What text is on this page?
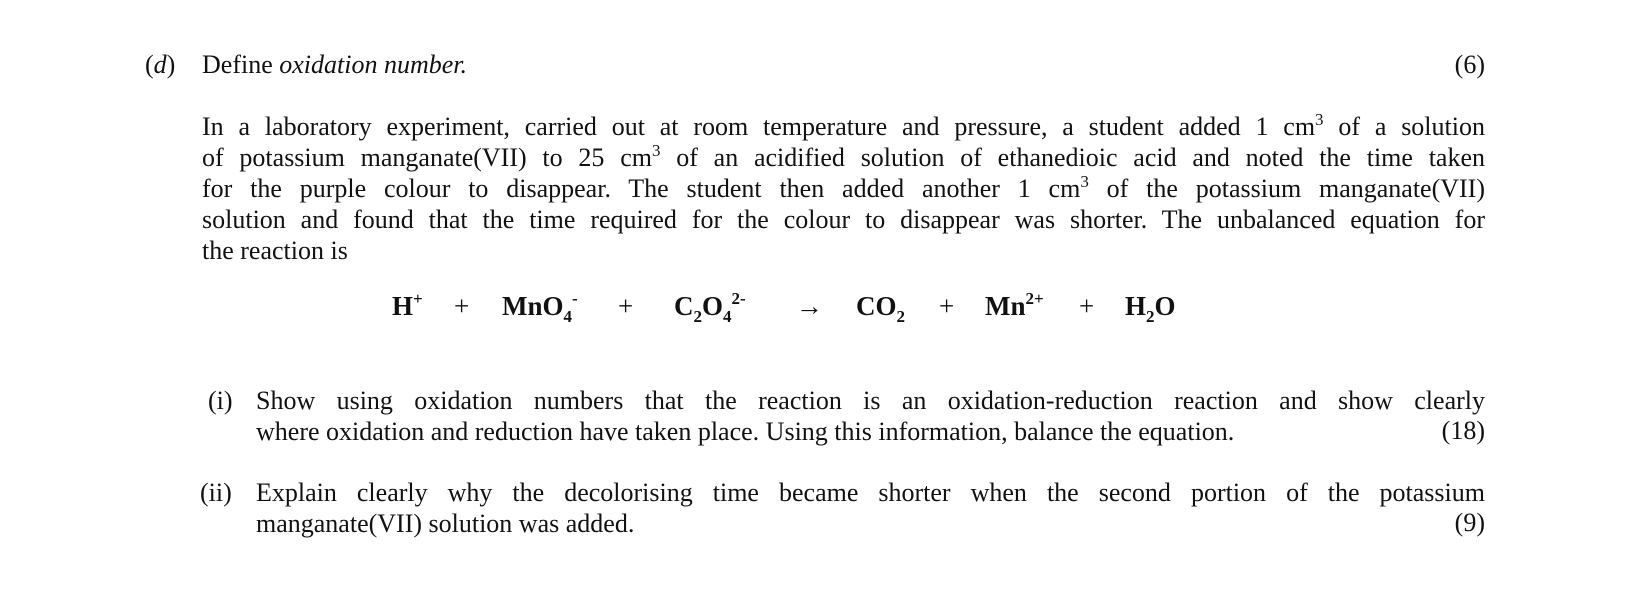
(d) Define oxidation number.	(6)
In a laboratory experiment, carried out at room temperature and pressure, a student added 1 $cm^3$ of a solution
of potassium manganate(VII) to 25 $cm^3$ of an acidified solution of ethanedioic acid and noted the time taken
for the purple colour to disappear. The student then added another 1 $cm^3$ of the potassium manganate(VII)
solution and found that the time required for the colour to disappear was shorter. The unbalanced equation for
the reaction is
$H^+ + MnO_4^- + C_2O_4^{2-} \to CO_2 + Mn^{2+} + H_2O$
(i) Show using oxidation numbers that the reaction is an oxidation-reduction reaction and show clearly
where oxidation and reduction have taken place. Using this information, balance the equation.	(18)
(ii) Explain clearly why the decolorising time became shorter when the second portion of the potassium
manganate(VII) solution was added.	(9)
